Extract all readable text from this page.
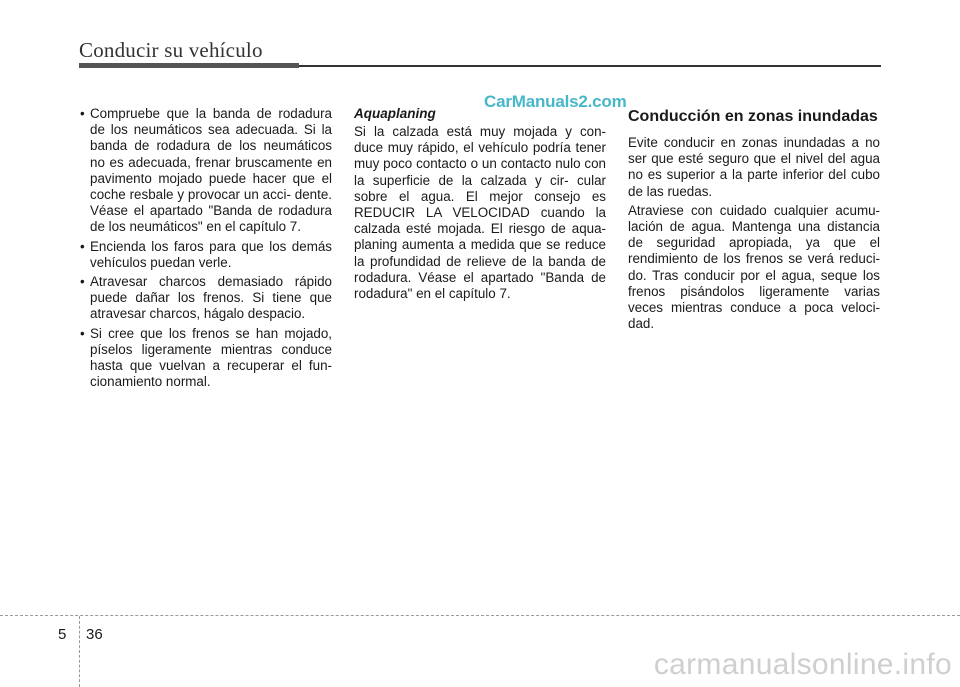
Conducir su vehículo
CarManuals2.com
• Compruebe que la banda de rodadura de los neumáticos sea adecuada. Si la banda de rodadura de los neumáticos no es adecuada, frenar bruscamente en pavimento mojado puede hacer que el coche resbale y provocar un acci- dente. Véase el apartado "Banda de rodadura de los neumáticos" en el capítulo 7.
• Encienda los faros para que los demás vehículos puedan verle.
• Atravesar charcos demasiado rápido puede dañar los frenos. Si tiene que atravesar charcos, hágalo despacio.
• Si cree que los frenos se han mojado, píselos ligeramente mientras conduce hasta que vuelvan a recuperar el fun- cionamiento normal.
Aquaplaning

Si la calzada está muy mojada y con- duce muy rápido, el vehículo podría tener muy poco contacto o un contacto nulo con la superficie de la calzada y cir- cular sobre el agua. El mejor consejo es REDUCIR LA VELOCIDAD cuando la calzada esté mojada. El riesgo de aqua- planing aumenta a medida que se reduce la profundidad de relieve de la banda de rodadura. Véase el apartado "Banda de rodadura" en el capítulo 7.

Conducción en zonas inundadas

Evite conducir en zonas inundadas a no ser que esté seguro que el nivel del agua no es superior a la parte inferior del cubo de las ruedas.

Atraviese con cuidado cualquier acumu- lación de agua. Mantenga una distancia de seguridad apropiada, ya que el rendimiento de los frenos se verá reduci- do. Tras conducir por el agua, seque los frenos pisándolos ligeramente varias veces mientras conduce a poca veloci- dad.

5 36
carmanualsonline.info
